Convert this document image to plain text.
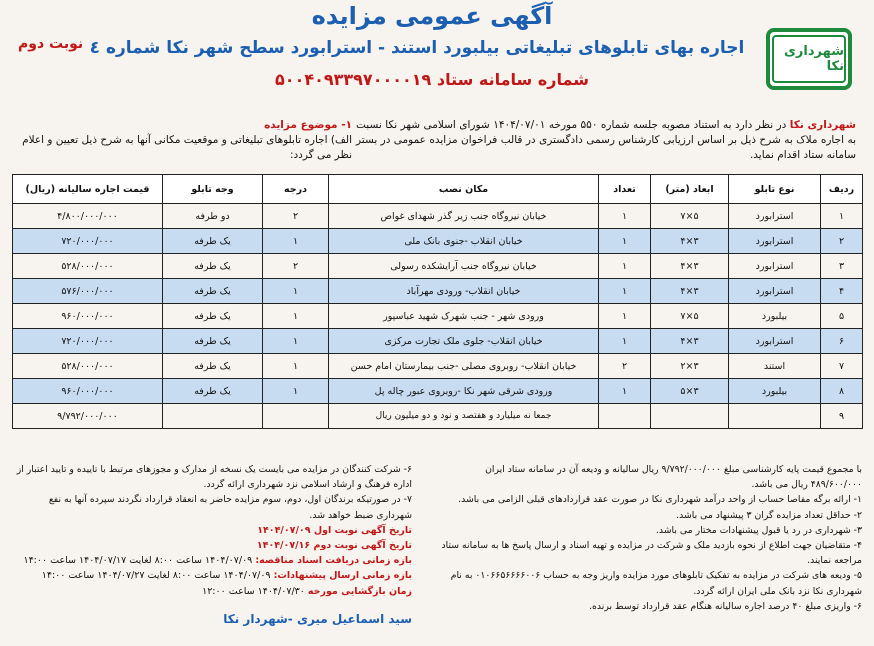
شهرداری نکا
آگهی عمومی مزایده
اجاره بهای تابلوهای تبلیغاتی بیلبورد استند - استرابورد سطح شهر نکا شماره ٤
شماره سامانه ستاد ۵۰۰۴۰۹۳۳۹۷۰۰۰۰۱۹
نوبت دوم
شهرداری نکا در نظر دارد به استناد مصوبه جلسه شماره ۵۵۰ مورخه ۱۴۰۴/۰۷/۰۱ شورای اسلامی شهر نکا نسبت به اجاره ملاک به شرح ذیل بر اساس ارزیابی کارشناس رسمی دادگستری در قالب فراخوان مزایده عمومی در بستر سامانه ستاد اقدام نماید.
۱- موضوع مزایده
الف) اجاره تابلوهای تبلیغاتی و موقعیت مکانی آنها به شرح ذیل تعیین و اعلام نظر می گردد:
ردیف	نوع تابلو	ابعاد (متر)	تعداد	مکان نصب	درجه	وجه تابلو	قیمت اجاره سالیانه (ریال)
۱	استرابورد	۵×۷	۱	خیابان نیروگاه جنب زیر گذر شهدای غواص	۲	دو طرفه	۴/۸۰۰/۰۰۰/۰۰۰
۲	استرابورد	۳×۴	۱	خیابان انقلاب -جنوی بانک ملی	۱	یک طرفه	۷۲۰/۰۰۰/۰۰۰
۳	استرابورد	۳×۴	۱	خیابان نیروگاه جنب آرایشکده رسولی	۲	یک طرفه	۵۲۸/۰۰۰/۰۰۰
۴	استرابورد	۳×۴	۱	خیابان انقلاب- ورودی مهرآباد	۱	یک طرفه	۵۷۶/۰۰۰/۰۰۰
۵	بیلبورد	۵×۷	۱	ورودی شهر - جنب شهرک شهید عباسپور	۱	یک طرفه	۹۶۰/۰۰۰/۰۰۰
۶	استرابورد	۳×۴	۱	خیابان انقلاب- جلوی ملک تجارت مرکزی	۱	یک طرفه	۷۲۰/۰۰۰/۰۰۰
۷	استند	۳×۲	۲	خیابان انقلاب- روبروی مصلی -جنب بیمارستان امام حسن	۱	یک طرفه	۵۲۸/۰۰۰/۰۰۰
۸	بیلبورد	۳×۵	۱	ورودی شرقی شهر نکا -روبروی عبور چاله پل	۱	یک طرفه	۹۶۰/۰۰۰/۰۰۰
۹				جمعا نه میلیارد و هفتصد و نود و دو میلیون ریال			۹/۷۹۲/۰۰۰/۰۰۰
با مجموع قیمت پایه کارشناسی مبلغ ۹/۷۹۲/۰۰۰/۰۰۰ ریال سالیانه و ودیعه آن در سامانه ستاد ایران ۴۸۹/۶۰۰/۰۰۰ ریال می باشد.
۱- ارائه برگه مفاصا حساب از واحد درآمد شهرداری نکا در صورت عقد قراردادهای قبلی الزامی می باشد.
۲- حداقل تعداد مزایده گران ۳ پیشنهاد می باشد.
۳- شهرداری در رد یا قبول پیشنهادات مختار می باشد.
۴- متقاضیان جهت اطلاع از نحوه بازدید ملک و شرکت در مزایده و تهیه اسناد و ارسال پاسخ ها به سامانه ستاد مراجعه نمایند.
۵- ودیعه های شرکت در مزایده به تفکیک تابلوهای مورد مزایده واریز وجه به حساب ۰۱۰۶۶۵۶۶۶۶۰۰۶ به نام شهرداری نکا نزد بانک ملی ایران ارائه گردد.
۶- واریزی مبلغ ۴۰ درصد اجاره سالیانه هنگام عقد قرارداد توسط برنده.
۶- شرکت کنندگان در مزایده می بایست یک نسخه از مدارک و مجوزهای مرتبط با تاییده و تایید اعتبار از اداره فرهنگ و ارشاد اسلامی نزد شهرداری ارائه گردد.
۷- در صورتیکه برندگان اول، دوم، سوم مزایده حاضر به انعقاد قرارداد نگردند سپرده آنها به نفع شهرداری ضبط خواهد شد.
تاریخ آگهی نوبت اول ۱۴۰۴/۰۷/۰۹
تاریخ آگهی نوبت دوم ۱۴۰۴/۰۷/۱۶
بازه زمانی دریافت اسناد مناقصه: ۱۴۰۴/۰۷/۰۹ ساعت ۸:۰۰ لغایت ۱۴۰۴/۰۷/۱۷ ساعت ۱۴:۰۰
بازه زمانی ارسال پیشنهادات: ۱۴۰۴/۰۷/۰۹ ساعت ۸:۰۰ لغایت ۱۴۰۴/۰۷/۲۷ ساعت ۱۴:۰۰
زمان بازگشایی مورخه ۱۴۰۴/۰۷/۳۰ ساعت ۱۲:۰۰
سید اسماعیل میری -شهردار نکا
